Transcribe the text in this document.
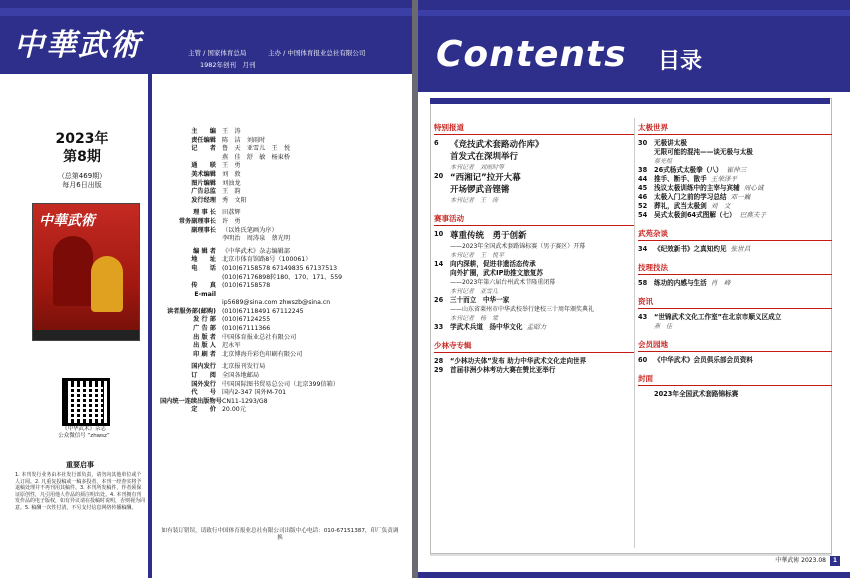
中華武術	主管 / 国家体育总局	主办 / 中国体育报业总社有限公司
1982年创刊　月刊
2023年
第8期
（总第469期）
每月6日出版
中華武術
《中华武术》杂志
公众微信号 “zhwsz”
重要启事
1. 本刊发行业务由本社发行部负责，请勿向其他单位或个人订阅。2. 凡重复投稿或一稿多投者，本刊一经查实将予退稿处理并不再刊用其稿件。3. 本刊所发稿件，作者须保证原创性，凡引用他人作品的须注明出处。4. 本刊拥有刊发作品的电子版权，如有异议请在投稿时说明，否则视为同意。5. 稿酬一次性付清，不另支付信息网络传播稿酬。
主　　编 王　涛
责任编辑 陈　洁　刘雨时
记　　者 鲁　天　亚雪儿　王　悦
燕　佳　舒　敏　杨東桥
通　　联 王　勇
美术编辑 刘　敦
图片编辑 刘浊龙
广告总监 王　韵
发行经理 秀　文阳
理 事 长 田荔辉
常务副理事长 许　勇
副理事长 （以姓氏笔画为序）
李明治　周涛泉　蔡光明
编 辑 者 《中华武术》杂志编辑部
地　　址 北京市体育馆路8号（100061）
电　　话 (010)67158578 67149835 67137513
(010)67176898转180、170、171、559
传　　真 (010)67158578
E-mail
ip5689@sina.com zhwszb@sina.cn
读者服务部(邮购) (010)67118491 67112245
发 行 部 (010)67124255
广 告 部 (010)67111366
出 版 者 中国体育报业总社有限公司
出 版 人 迟永军
印 刷 者 北京博海升彩色印刷有限公司
国内发行 北京报刊发行局
订　　阅 全国各地邮局
国外发行 中国国际图书贸易总公司（北京399信箱）
代　　号 国内2-347 国外M-701
国内统一连续出版物号 CN11-1293/G8
定　　价 20.00元
如有装订错误，请致行中国体育报业总社有限公司出版中心电话：010-67151387，印厂负责调换
Contents 目录
特别报道
6	《竞技武术套路动作库》
首发式在深圳举行
本刊记者　刘雨时等
20 “西湘记”拉开大幕
开场锣武音铿锵
本刊记者　王　涛
赛事活动
10 尊重传统　勇于创新
——2023年全国武术套路锦标赛（男子赛区）开幕
本刊记者　王　悦平
14	向内深耕，促进非遗活态传承
向外扩圈，武术IP助推文旅复苏
——2023年第六届台州武术节隆重闭幕
本刊记者　亚雪儿
26	三十而立　中华一家
——山东省莱州市中华武校举行建校三十周年颁奖典礼
本刊记者　杨　棠
33	学武术兵道　扬中华文化 孟昭力
少林寺专辑
28	“少林功夫体”发布 助力中华武术文化走向世界
29	首届非洲少林考功大赛在赞比亚举行
太极世界
30	无极讲太极
无限可能的混沌——谈无极与太极
蔡光煌
38	26式杨式太极拳（八） 崔仲三
44	推手、断手、散手 王荣泽平
45	浅议太极训练中的主宰与宾辅 周心诚
46	太极入门之前的学习总结 邓一巍
52	葬礼，武当太极剑 刘　文
54	吴式太极剑64式图解（七） 巴燕夫子
武苑杂谈
34	《纪效新书》之真知灼见 张世昌
技理技法
58	练功的内感与生活 肖　峰
资讯
43	“世锦武术文化工作室”在北京市顺义区成立
燕　佳
会员园地
60	《中华武术》会员俱乐部会员资料
封面
2023年全国武术套路锦标赛
中華武術 2023.08 1
